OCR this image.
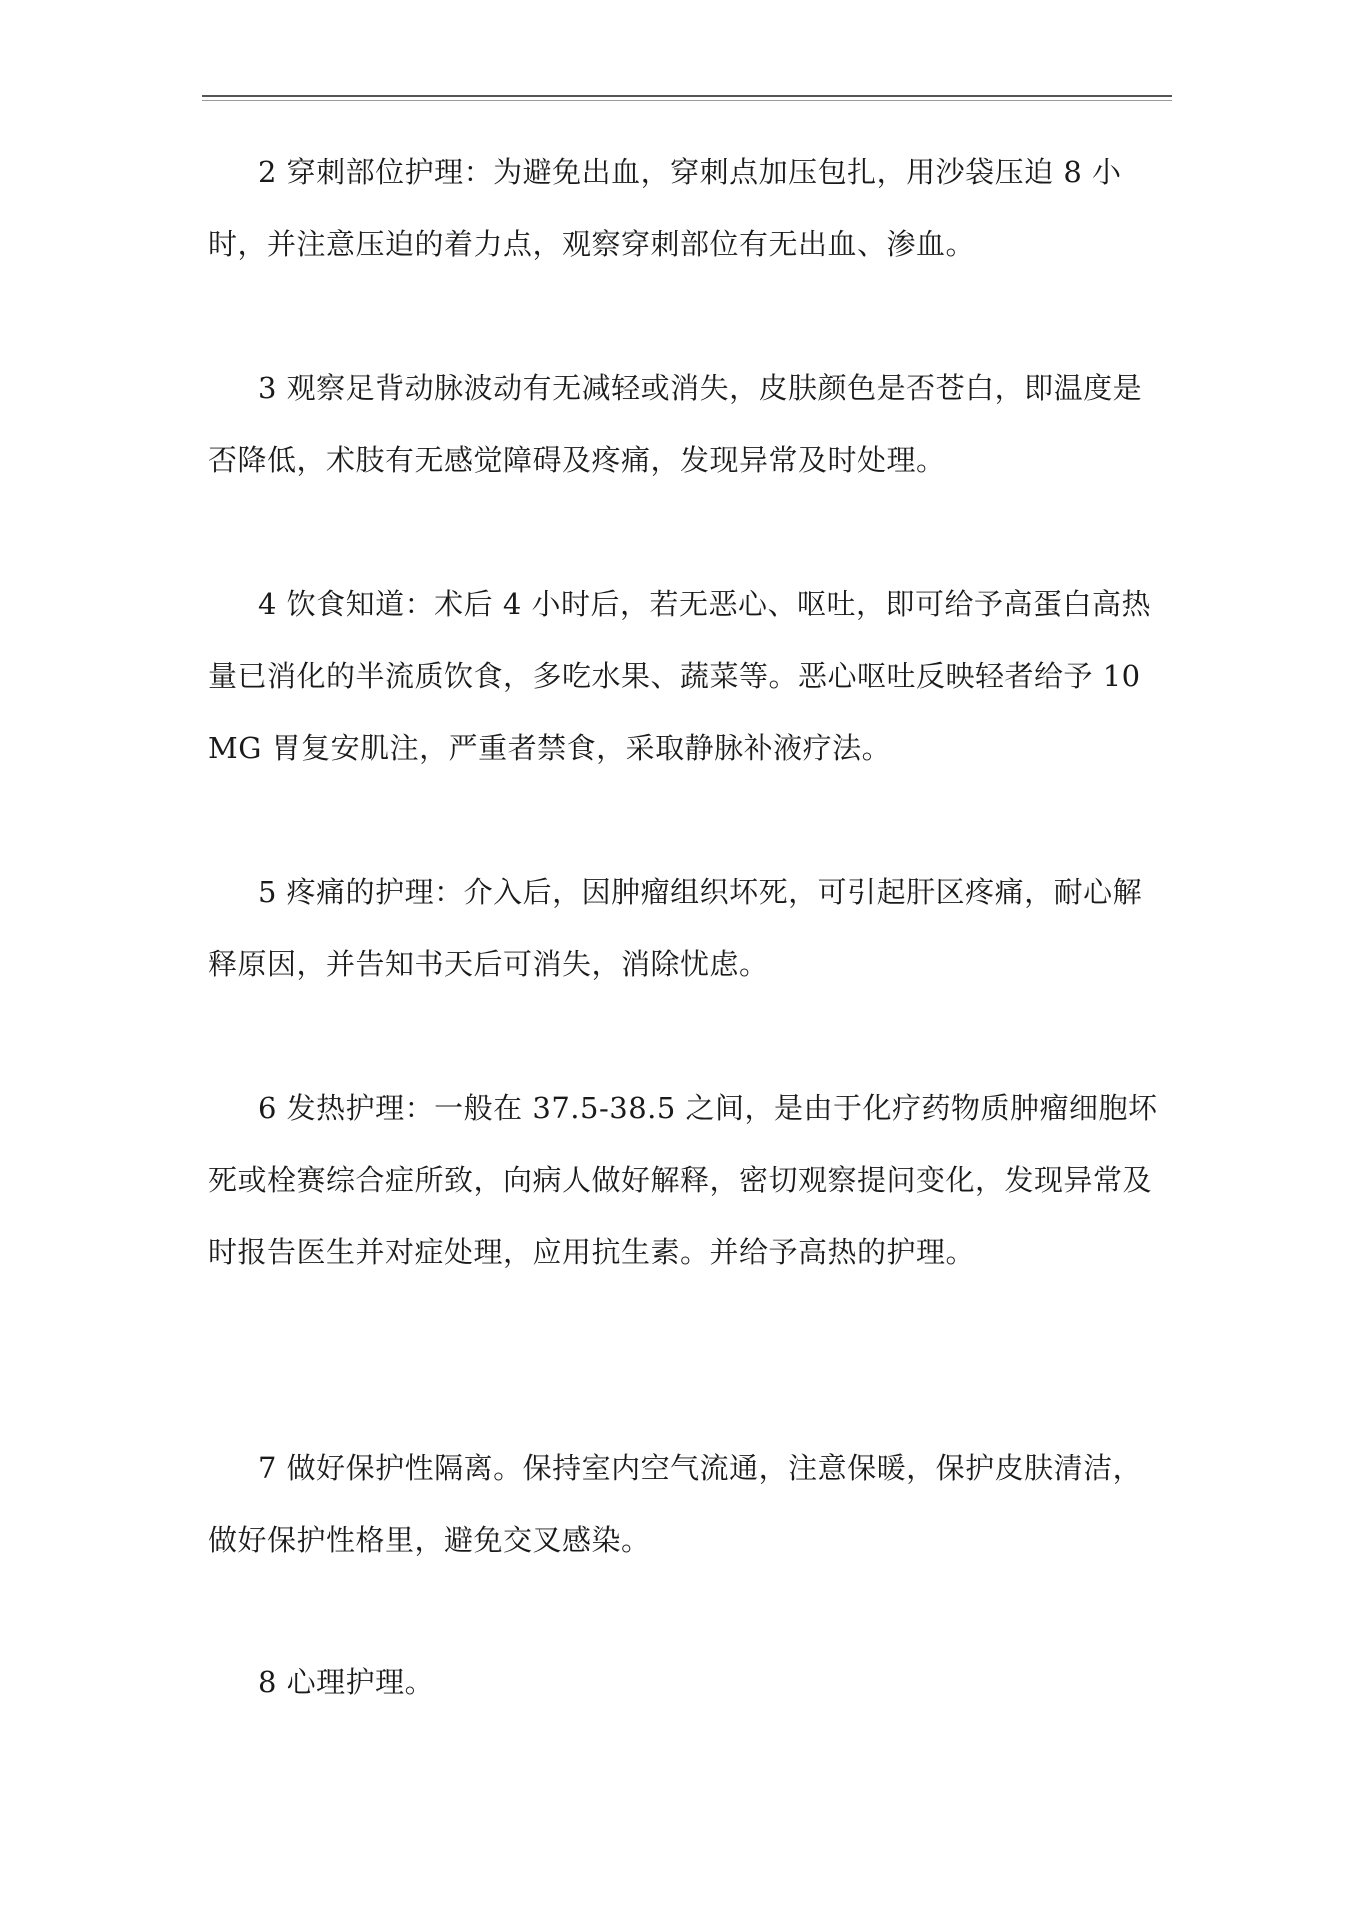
2 穿刺部位护理：为避免出血，穿刺点加压包扎，用沙袋压迫 8 小时，并注意压迫的着力点，观察穿刺部位有无出血、渗血。

3 观察足背动脉波动有无减轻或消失，皮肤颜色是否苍白，即温度是否降低，术肢有无感觉障碍及疼痛，发现异常及时处理。

4 饮食知道：术后 4 小时后，若无恶心、呕吐，即可给予高蛋白高热量已消化的半流质饮食，多吃水果、蔬菜等。恶心呕吐反映轻者给予 10MG 胃复安肌注，严重者禁食，采取静脉补液疗法。

5 疼痛的护理：介入后，因肿瘤组织坏死，可引起肝区疼痛，耐心解释原因，并告知书天后可消失，消除忧虑。

6 发热护理：一般在 37.5-38.5 之间，是由于化疗药物质肿瘤细胞坏死或栓赛综合症所致，向病人做好解释，密切观察提问变化，发现异常及时报告医生并对症处理，应用抗生素。并给予高热的护理。

7 做好保护性隔离。保持室内空气流通，注意保暖，保护皮肤清洁，做好保护性格里，避免交叉感染。

8 心理护理。
